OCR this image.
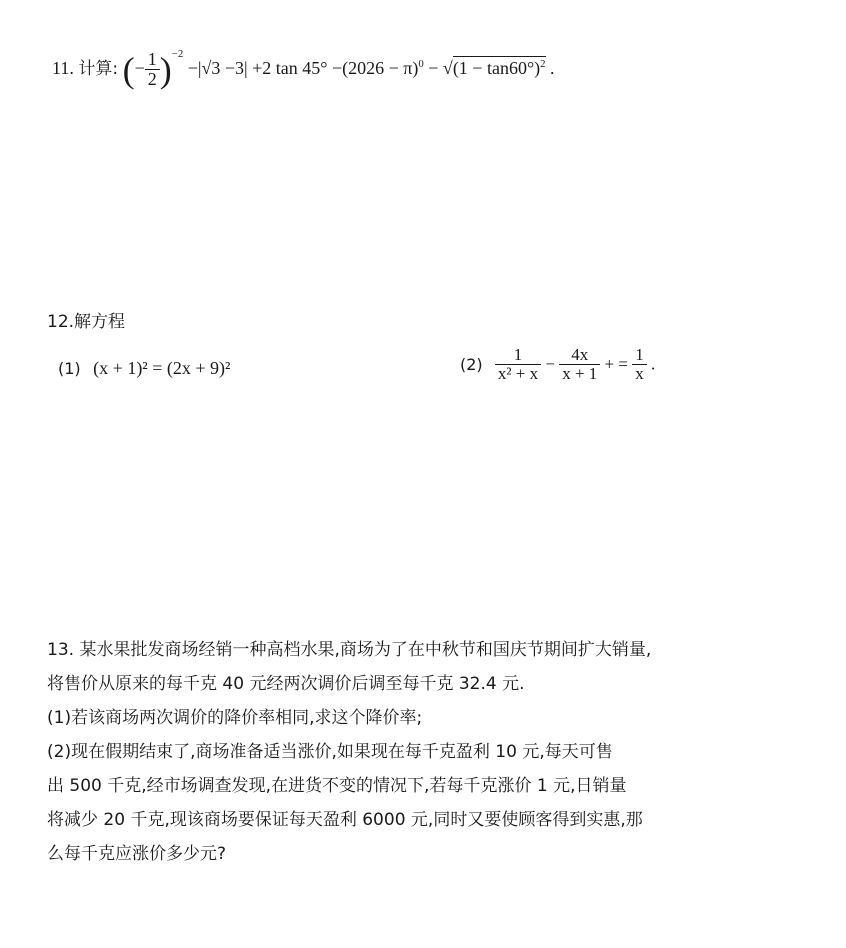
11. 计算: (− $\frac{1}{2} )^{-2} -|√3 -3| +2$ $\tan 45^\circ -(2026 - \pi)^0 - √(1 - \tan 60^\circ)^2$ .
12.解方程
(1) (x + 1)² = (2x + 9)²	$(2) \frac{1}{\text{x² + x}} - \frac{4x}{x + 1}$ + = $\frac{1}{x}$ .
13. 某水果批发商场经销一种高档水果,商场为了在中秋节和国庆节期间扩大销量,
将售价从原来的每千克 40 元经两次调价后调至每千克 32.4 元.
(1)若该商场两次调价的降价率相同,求这个降价率;
(2)现在假期结束了,商场准备适当涨价,如果现在每千克盈利 10 元,每天可售
出 500 千克,经市场调查发现,在进货不变的情况下,若每千克涨价 1 元,日销量
将减少 20 千克,现该商场要保证每天盈利 6000 元,同时又要使顾客得到实惠,那
么每千克应涨价多少元?
